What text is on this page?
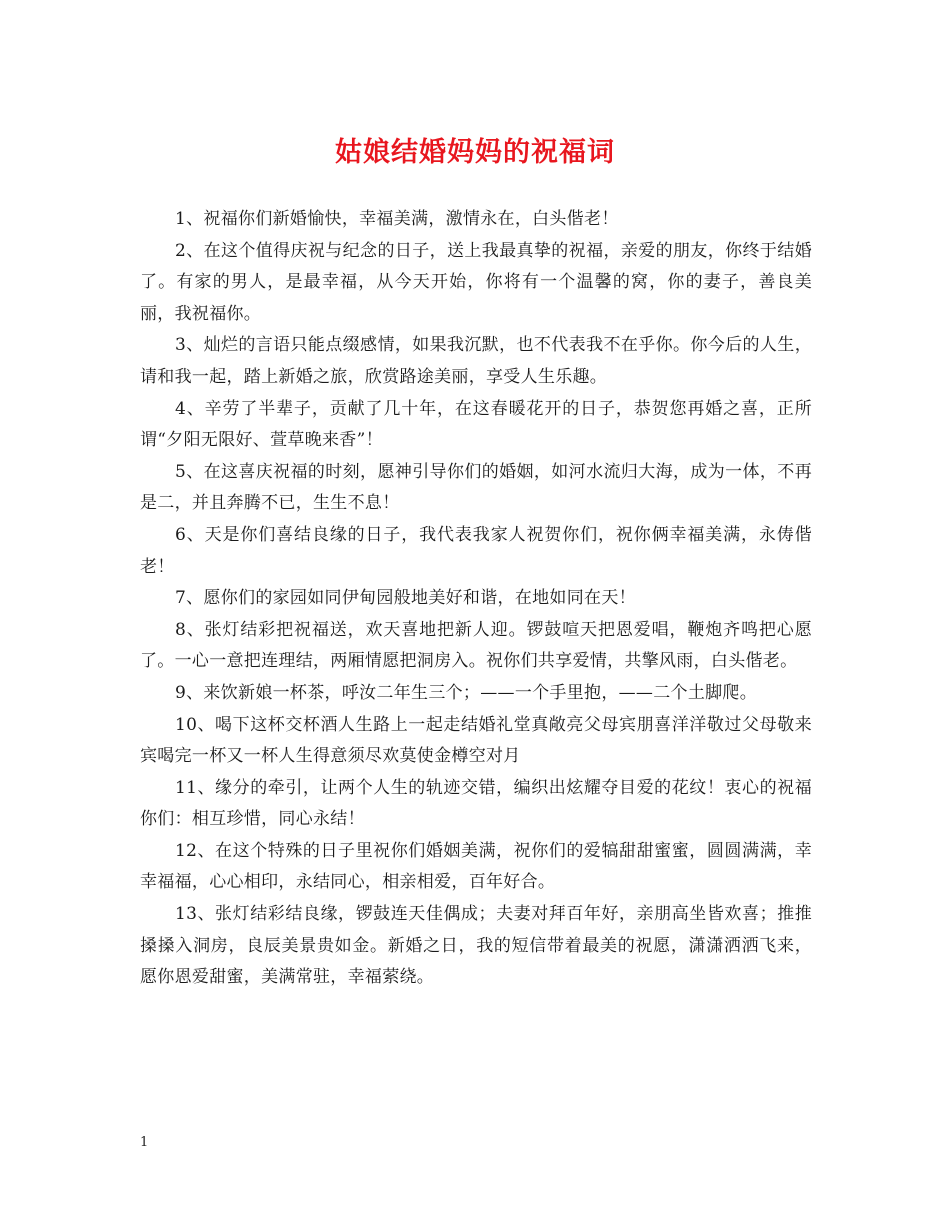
姑娘结婚妈妈的祝福词

1、祝福你们新婚愉快，幸福美满，激情永在，白头偕老！

2、在这个值得庆祝与纪念的日子，送上我最真挚的祝福，亲爱的朋友，你终于结婚了。有家的男人，是最幸福，从今天开始，你将有一个温馨的窝，你的妻子，善良美丽，我祝福你。

3、灿烂的言语只能点缀感情，如果我沉默，也不代表我不在乎你。你今后的人生，请和我一起，踏上新婚之旅，欣赏路途美丽，享受人生乐趣。

4、辛劳了半辈子，贡献了几十年，在这春暖花开的日子，恭贺您再婚之喜，正所谓“夕阳无限好、萱草晚来香”！

5、在这喜庆祝福的时刻，愿神引导你们的婚姻，如河水流归大海，成为一体，不再是二，并且奔腾不已，生生不息！

6、天是你们喜结良缘的日子，我代表我家人祝贺你们，祝你俩幸福美满，永俦偕老！

7、愿你们的家园如同伊甸园般地美好和谐，在地如同在天！

8、张灯结彩把祝福送，欢天喜地把新人迎。锣鼓喧天把恩爱唱，鞭炮齐鸣把心愿了。一心一意把连理结，两厢情愿把洞房入。祝你们共享爱情，共擎风雨，白头偕老。

9、来饮新娘一杯茶，呼汝二年生三个；——一个手里抱，——二个土脚爬。

10、喝下这杯交杯酒人生路上一起走结婚礼堂真敞亮父母宾朋喜洋洋敬过父母敬来宾喝完一杯又一杯人生得意须尽欢莫使金樽空对月

11、缘分的牵引，让两个人生的轨迹交错，编织出炫耀夺目爱的花纹！衷心的祝福你们：相互珍惜，同心永结！

12、在这个特殊的日子里祝你们婚姻美满，祝你们的爱犒甜甜蜜蜜，圆圆满满，幸幸福福，心心相印，永结同心，相亲相爱，百年好合。

13、张灯结彩结良缘，锣鼓连天佳偶成；夫妻对拜百年好，亲朋高坐皆欢喜；推推搡搡入洞房，良辰美景贵如金。新婚之日，我的短信带着最美的祝愿，潇潇洒洒飞来，愿你恩爱甜蜜，美满常驻，幸福萦绕。

1
